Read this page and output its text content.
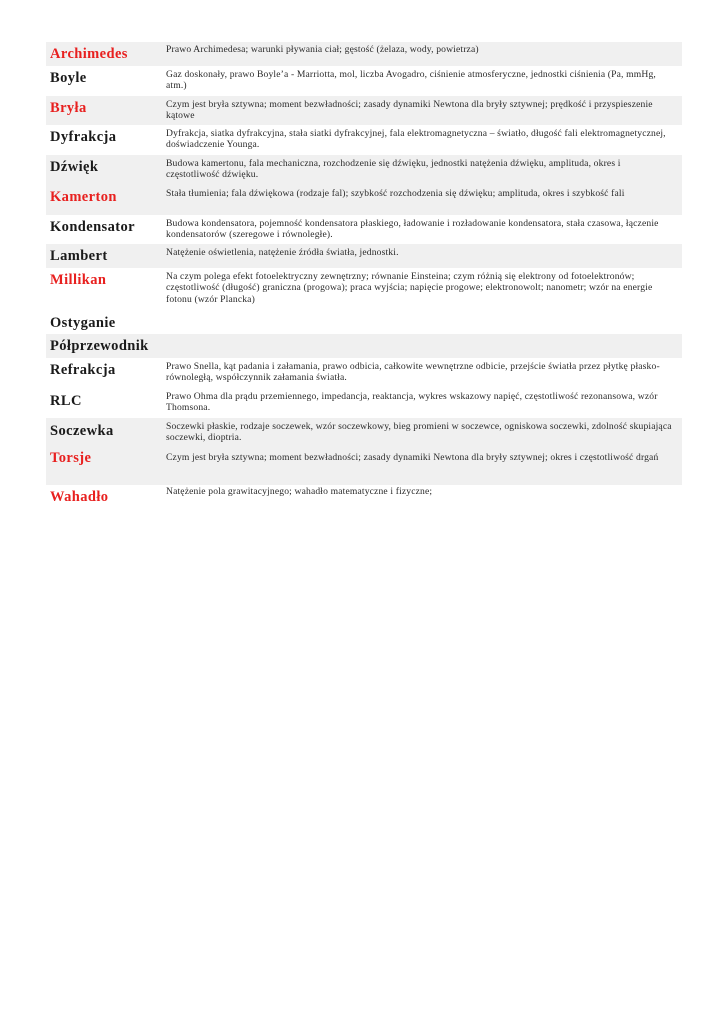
Archimedes	Prawo Archimedesa; warunki pływania ciał; gęstość (żelaza, wody, powietrza)
Boyle	Gaz doskonały, prawo Boyle’a - Marriotta, mol, liczba Avogadro, ciśnienie atmosferyczne, jednostki ciśnienia (Pa, mmHg, atm.)
Bryła	Czym jest bryła sztywna; moment bezwładności; zasady dynamiki Newtona dla bryły sztywnej; prędkość i przyspieszenie kątowe
Dyfrakcja	Dyfrakcja, siatka dyfrakcyjna, stała siatki dyfrakcyjnej, fala elektromagnetyczna – światło, długość fali elektromagnetycznej, doświadczenie Younga.
Dźwięk	Budowa kamertonu, fala mechaniczna, rozchodzenie się dźwięku, jednostki natężenia dźwięku, amplituda, okres i częstotliwość dźwięku.
Kamerton	Stała tłumienia; fala dźwiękowa (rodzaje fal); szybkość rozchodzenia się dźwięku; amplituda, okres i szybkość fali
Kondensator	Budowa kondensatora, pojemność kondensatora płaskiego, ładowanie i rozładowanie kondensatora, stała czasowa, łączenie kondensatorów (szeregowe i równoległe).
Lambert	Natężenie oświetlenia, natężenie źródła światła, jednostki.
Millikan	Na czym polega efekt fotoelektryczny zewnętrzny; równanie Einsteina; czym różnią się elektrony od fotoelektronów; częstotliwość (długość) graniczna (progowa); praca wyjścia; napięcie progowe; elektronowolt; nanometr; wzór na energie fotonu (wzór Plancka)
Ostyganie
Półprzewodnik
Refrakcja	Prawo Snella, kąt padania i załamania, prawo odbicia, całkowite wewnętrzne odbicie, przejście światła przez płytkę płasko-równoległą, współczynnik załamania światła.
RLC	Prawo Ohma dla prądu przemiennego, impedancja, reaktancja, wykres wskazowy napięć, częstotliwość rezonansowa, wzór Thomsona.
Soczewka	Soczewki płaskie, rodzaje soczewek, wzór soczewkowy, bieg promieni w soczewce, ogniskowa soczewki, zdolność skupiająca soczewki, dioptria.
Torsje	Czym jest bryła sztywna; moment bezwładności; zasady dynamiki Newtona dla bryły sztywnej; okres i częstotliwość drgań
Wahadło	Natężenie pola grawitacyjnego; wahadło matematyczne i fizyczne;
